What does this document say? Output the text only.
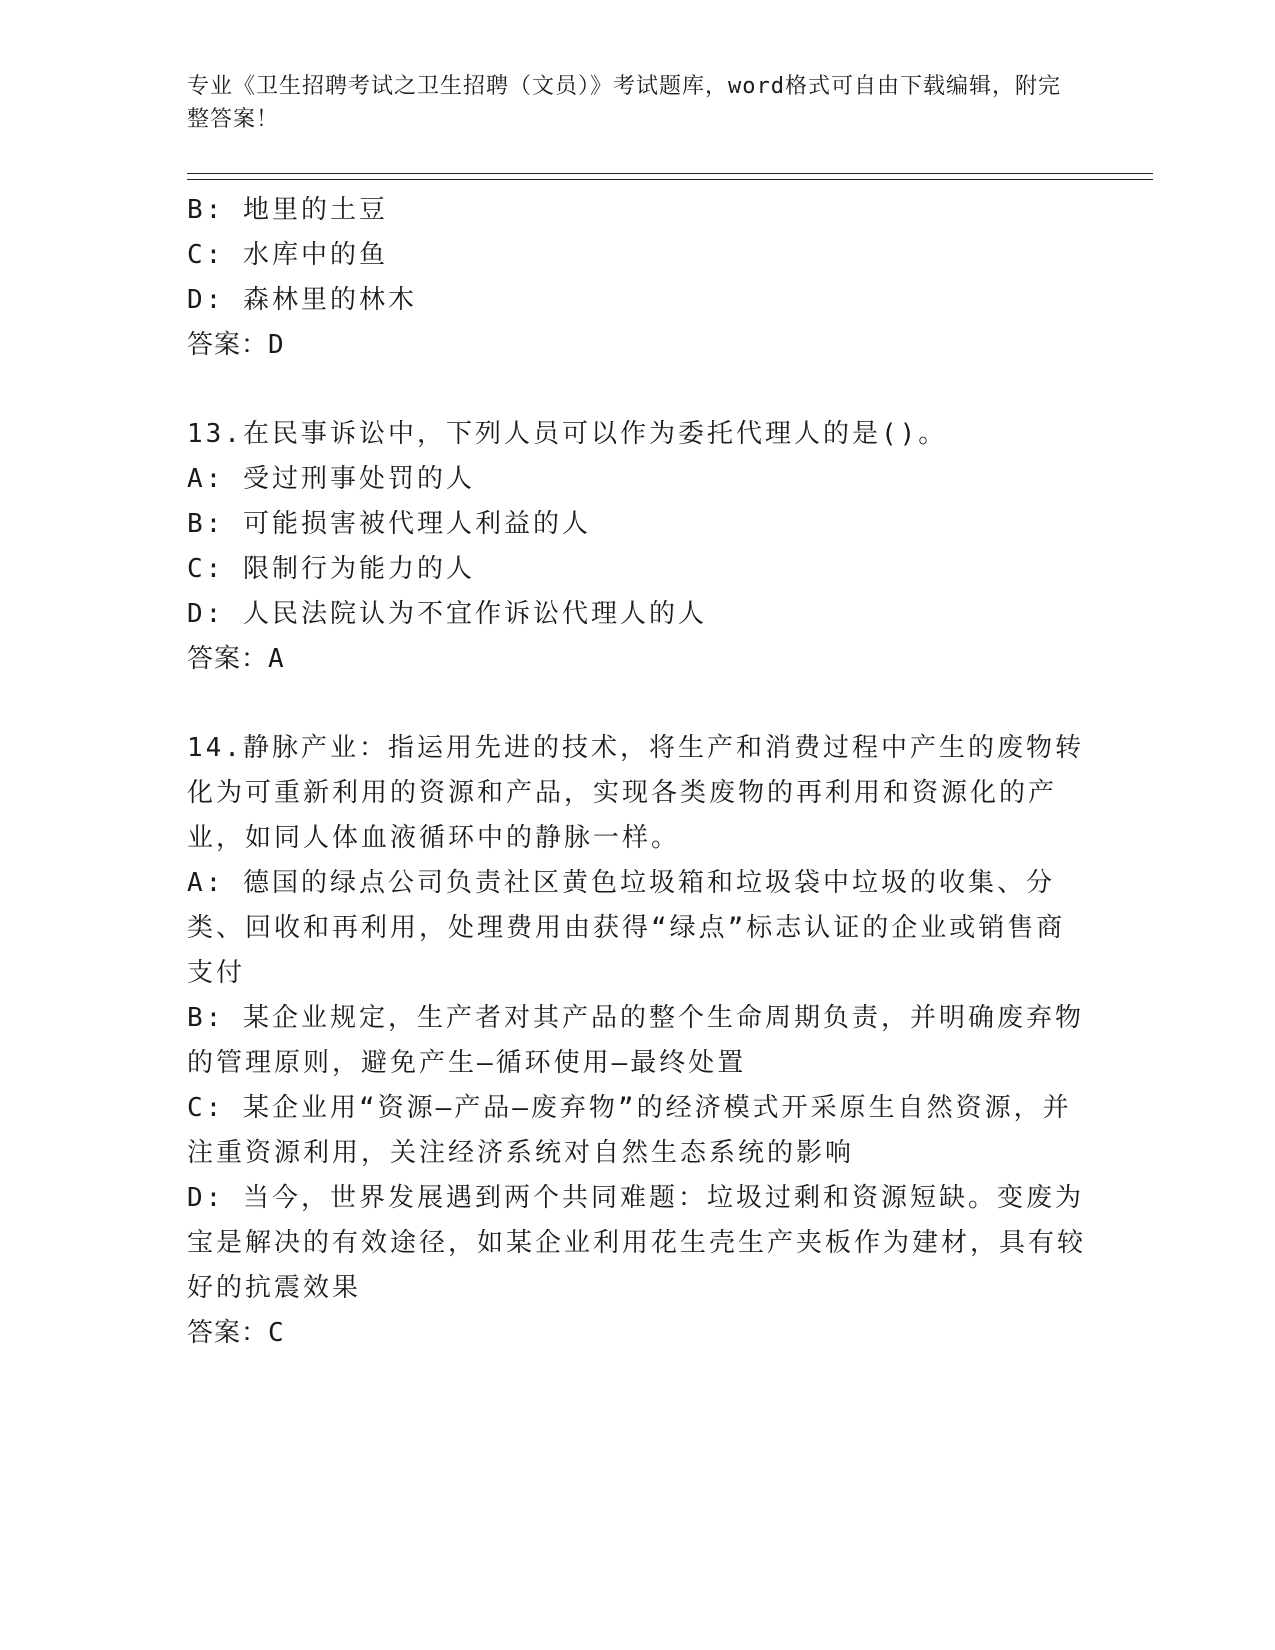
专业《卫生招聘考试之卫生招聘（文员）》考试题库，word格式可自由下载编辑，附完整答案！
B: 地里的土豆
C: 水库中的鱼
D: 森林里的林木
答案：D
13.在民事诉讼中，下列人员可以作为委托代理人的是()。
A: 受过刑事处罚的人
B: 可能损害被代理人利益的人
C: 限制行为能力的人
D: 人民法院认为不宜作诉讼代理人的人
答案：A
14.静脉产业：指运用先进的技术，将生产和消费过程中产生的废物转化为可重新利用的资源和产品，实现各类废物的再利用和资源化的产业，如同人体血液循环中的静脉一样。
A: 德国的绿点公司负责社区黄色垃圾箱和垃圾袋中垃圾的收集、分类、回收和再利用，处理费用由获得“绿点”标志认证的企业或销售商支付
B: 某企业规定，生产者对其产品的整个生命周期负责，并明确废弃物的管理原则，避免产生—循环使用—最终处置
C: 某企业用“资源—产品—废弃物”的经济模式开采原生自然资源，并注重资源利用，关注经济系统对自然生态系统的影响
D: 当今，世界发展遇到两个共同难题：垃圾过剩和资源短缺。变废为宝是解决的有效途径，如某企业利用花生壳生产夹板作为建材，具有较好的抗震效果
答案：C
